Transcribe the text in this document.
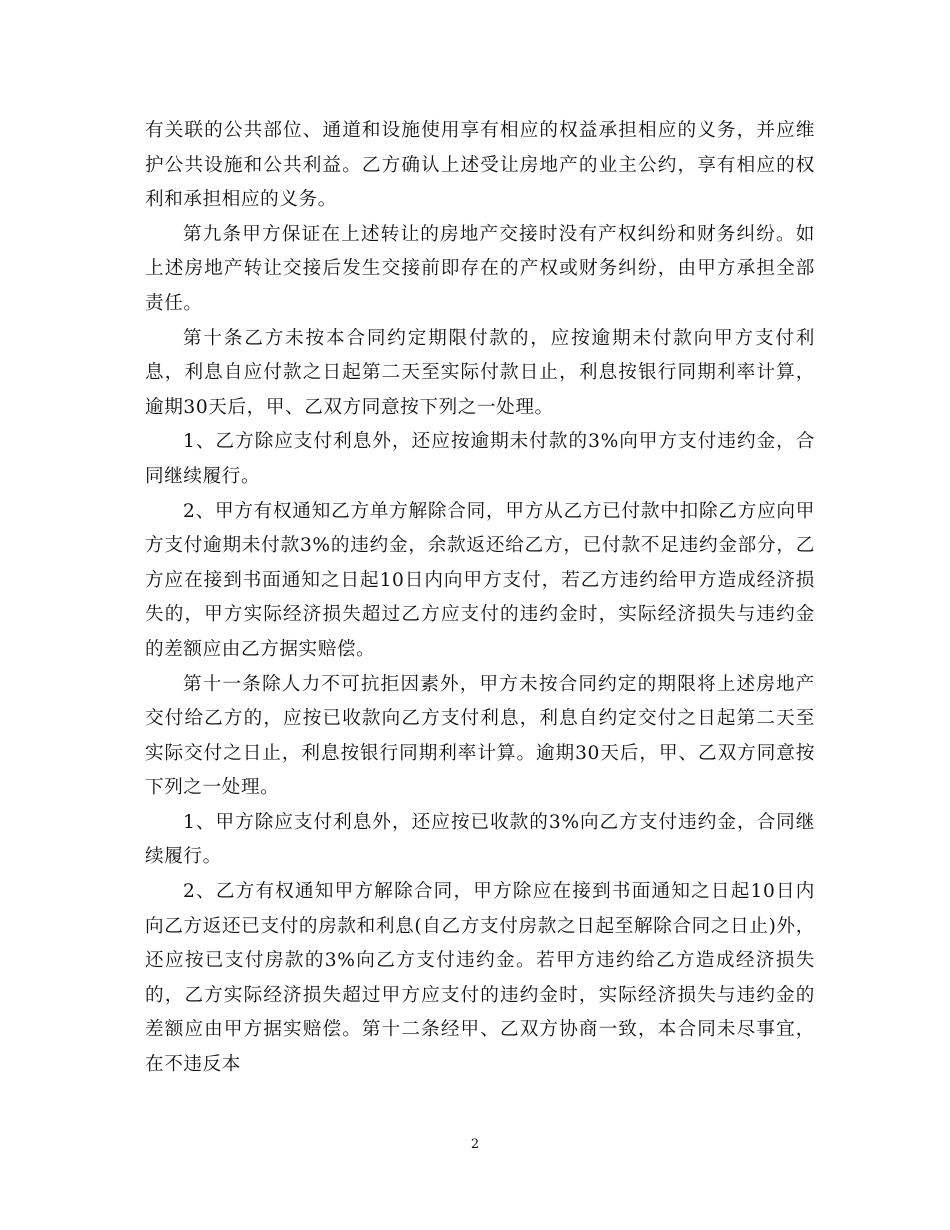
有关联的公共部位、通道和设施使用享有相应的权益承担相应的义务，并应维护公共设施和公共利益。乙方确认上述受让房地产的业主公约，享有相应的权利和承担相应的义务。

第九条甲方保证在上述转让的房地产交接时没有产权纠纷和财务纠纷。如上述房地产转让交接后发生交接前即存在的产权或财务纠纷，由甲方承担全部责任。

第十条乙方未按本合同约定期限付款的，应按逾期未付款向甲方支付利息，利息自应付款之日起第二天至实际付款日止，利息按银行同期利率计算，逾期30天后，甲、乙双方同意按下列之一处理。

1、乙方除应支付利息外，还应按逾期未付款的3%向甲方支付违约金，合同继续履行。

2、甲方有权通知乙方单方解除合同，甲方从乙方已付款中扣除乙方应向甲方支付逾期未付款3%的违约金，余款返还给乙方，已付款不足违约金部分，乙方应在接到书面通知之日起10日内向甲方支付，若乙方违约给甲方造成经济损失的，甲方实际经济损失超过乙方应支付的违约金时，实际经济损失与违约金的差额应由乙方据实赔偿。

第十一条除人力不可抗拒因素外，甲方未按合同约定的期限将上述房地产交付给乙方的，应按已收款向乙方支付利息，利息自约定交付之日起第二天至实际交付之日止，利息按银行同期利率计算。逾期30天后，甲、乙双方同意按下列之一处理。

1、甲方除应支付利息外，还应按已收款的3%向乙方支付违约金，合同继续履行。

2、乙方有权通知甲方解除合同，甲方除应在接到书面通知之日起10日内向乙方返还已支付的房款和利息(自乙方支付房款之日起至解除合同之日止)外，还应按已支付房款的3%向乙方支付违约金。若甲方违约给乙方造成经济损失的，乙方实际经济损失超过甲方应支付的违约金时，实际经济损失与违约金的差额应由甲方据实赔偿。第十二条经甲、乙双方协商一致，本合同未尽事宜，在不违反本

2
